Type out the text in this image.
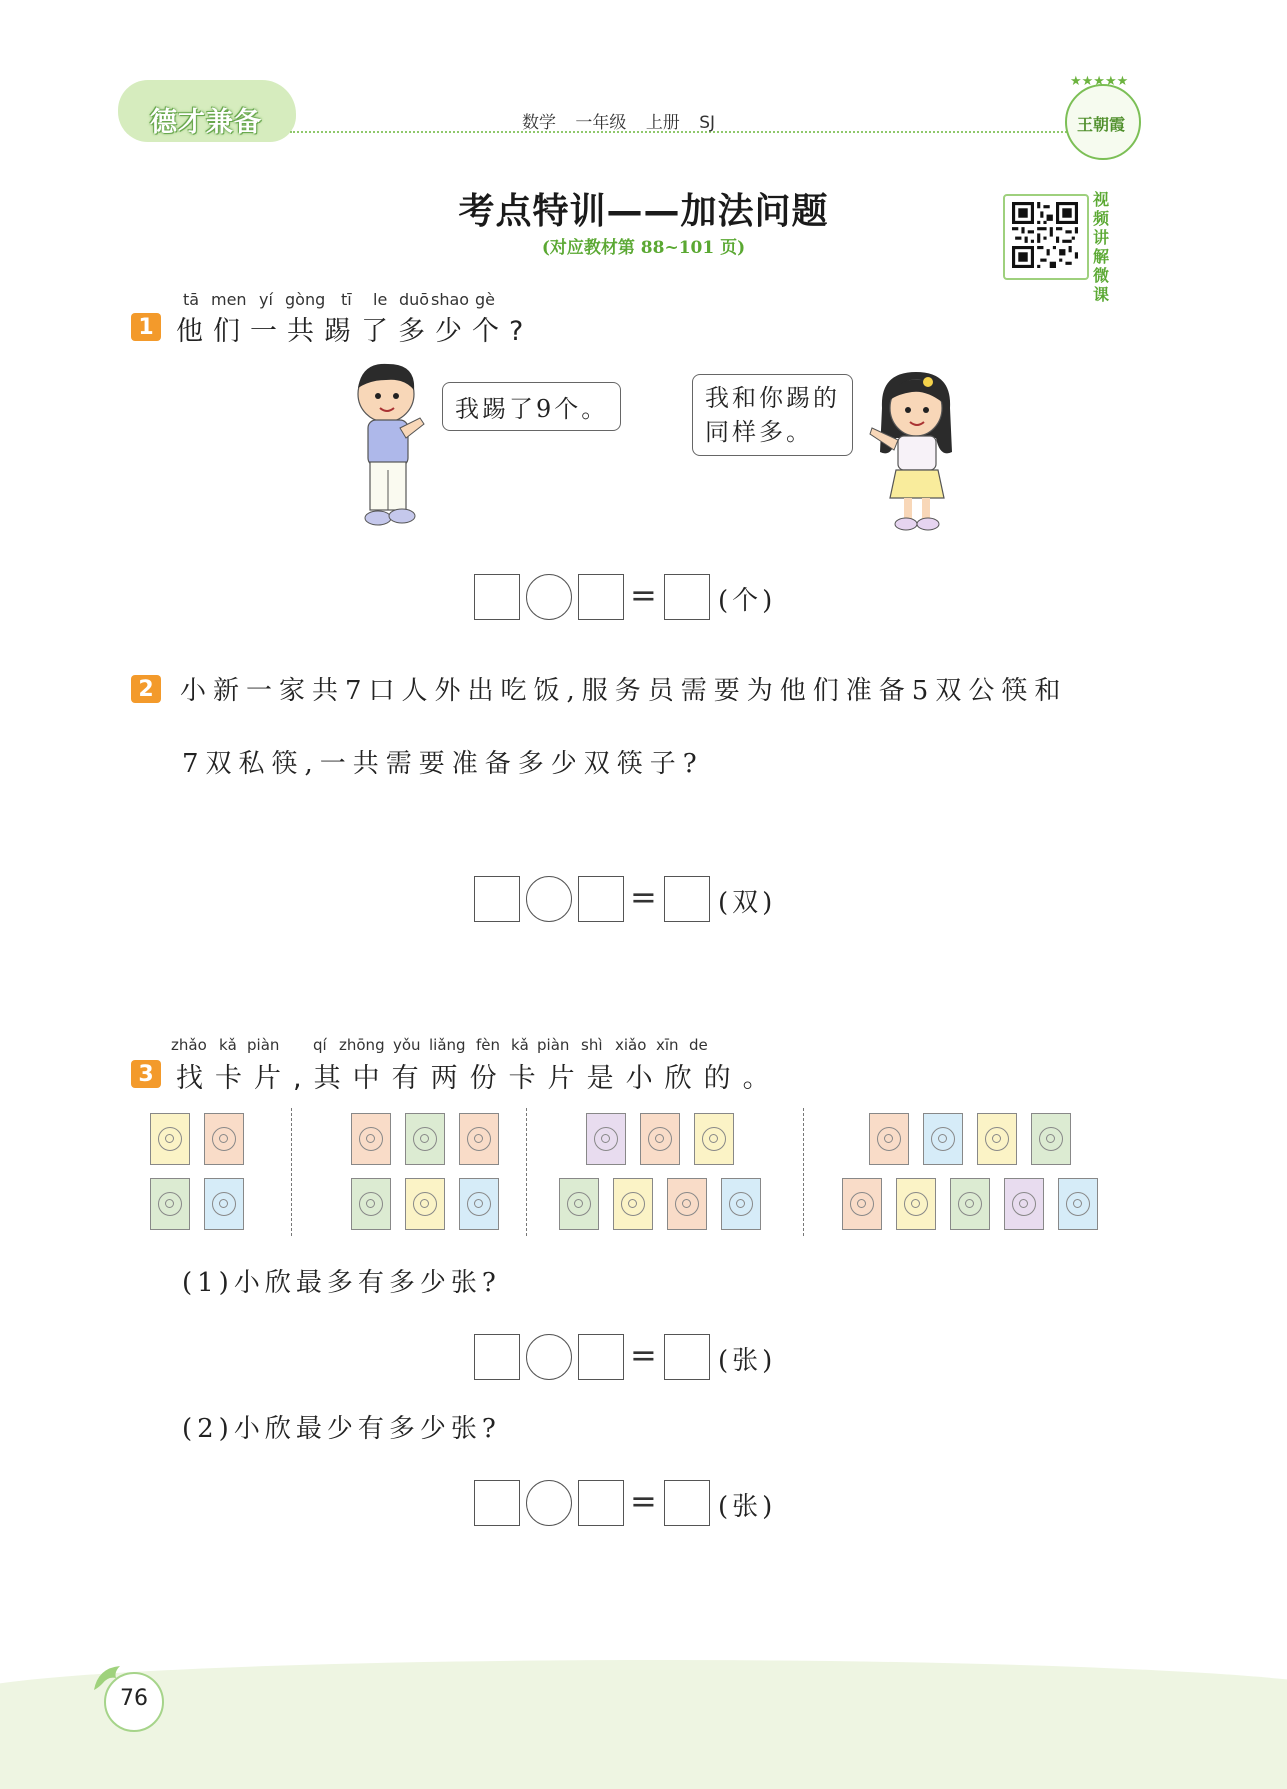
德才兼备	数学 一年级 上册 SJ
★★★★★
王朝霞
考点特训——加法问题
(对应教材第 88~101 页)
视
频
讲
解
微
课
tā men yí gòng tī le duō shao gè
1 他们一共踢了多少个?
我踢了9个。	我和你踢的
同样多。
= (个)
2 小新一家共7口人外出吃饭,服务员需要为他们准备5双公筷和
7双私筷,一共需要准备多少双筷子?
= (双)
zhǎo kǎ piàn qí zhōng yǒu liǎng fèn kǎ piàn shì xiǎo xīn de
3 找卡片,其中有两份卡片是小欣的。
(1)小欣最多有多少张?
= (张)
(2)小欣最少有多少张?
= (张)
76
